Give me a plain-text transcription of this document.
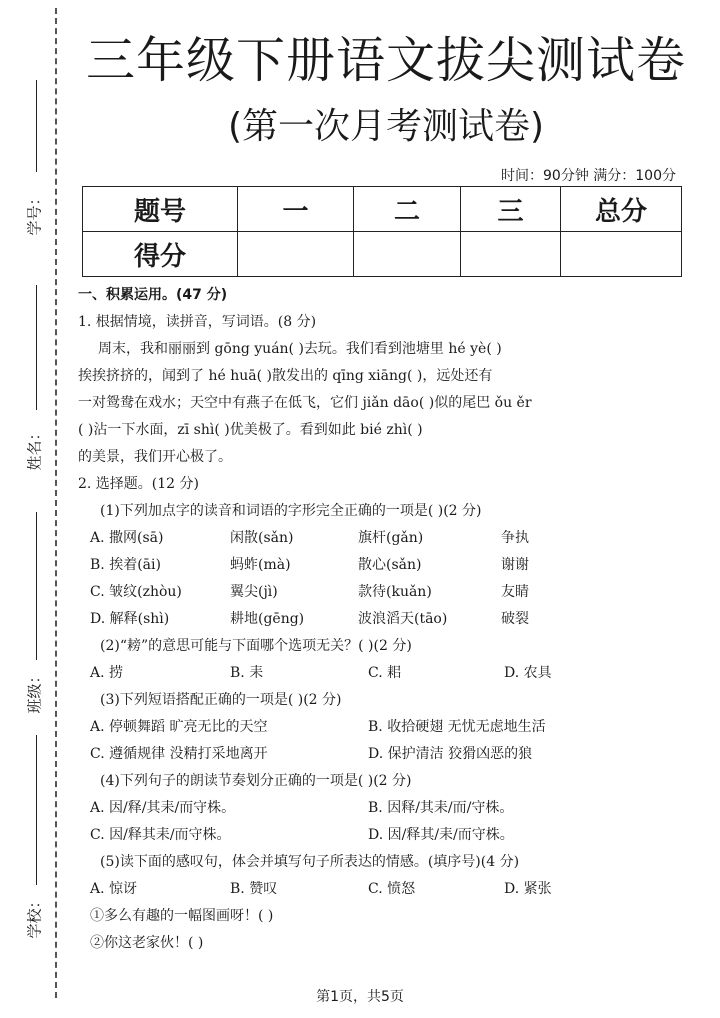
学号：
姓名：
班级：
学校：
三年级下册语文拔尖测试卷
(第一次月考测试卷)
时间：90分钟 满分：100分
题号	一	二	三	总分
得分				
一、积累运用。(47 分)
1. 根据情境，读拼音，写词语。(8 分)
周末，我和丽丽到 gōng yuán( )去玩。我们看到池塘里 hé yè( )
挨挨挤挤的，闻到了 hé huā( )散发出的 qīng xiāng( )，远处还有
一对鸳鸯在戏水；天空中有燕子在低飞，它们 jiǎn dāo( )似的尾巴 ǒu ěr
( )沾一下水面，zī shì( )优美极了。看到如此 bié zhì( )
的美景，我们开心极了。
2. 选择题。(12 分)
(1)下列加点字的读音和词语的字形完全正确的一项是( )(2 分)
A. 撒网(sā)	闲散(sǎn)	旗杆(gǎn)	争执
B. 挨着(āi)	蚂蚱(mà)	散心(sǎn)	谢谢
C. 皱纹(zhòu)	翼尖(jì)	款待(kuǎn)	友睛
D. 解释(shì)	耕地(gēng)	波浪滔天(tāo)	破裂
(2)“耪”的意思可能与下面哪个选项无关？( )(2 分)
A. 捞	B. 耒	C. 耜	D. 农具
(3)下列短语搭配正确的一项是( )(2 分)
A. 停顿舞蹈 旷亮无比的天空	B. 收拾硬翅 无忧无虑地生活
C. 遵循规律 没精打采地离开	D. 保护清洁 狡猾凶恶的狼
(4)下列句子的朗读节奏划分正确的一项是( )(2 分)
A. 因/释/其耒/而守株。	B. 因释/其耒/而/守株。
C. 因/释其耒/而守株。	D. 因/释其/耒/而守株。
(5)读下面的感叹句，体会并填写句子所表达的情感。(填序号)(4 分)
A. 惊讶	B. 赞叹	C. 愤怒	D. 紧张
①多么有趣的一幅图画呀！( )
②你这老家伙！( )
第1页，共5页
